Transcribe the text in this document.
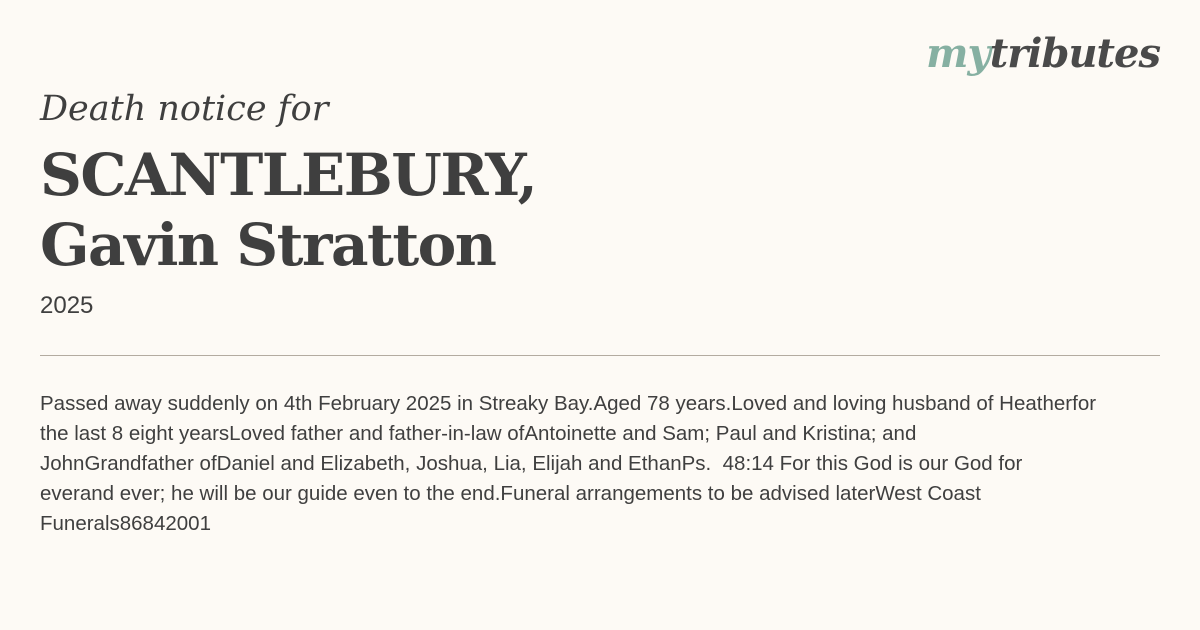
mytributes
Death notice for
SCANTLEBURY,
Gavin Stratton
2025

Passed away suddenly on 4th February 2025 in Streaky Bay.Aged 78 years.Loved and loving husband of Heatherfor
the last 8 eight yearsLoved father and father-in-law ofAntoinette and Sam; Paul and Kristina; and
JohnGrandfather ofDaniel and Elizabeth, Joshua, Lia, Elijah and EthanPs.  48:14 For this God is our God for
everand ever; he will be our guide even to the end.Funeral arrangements to be advised laterWest Coast
Funerals86842001
